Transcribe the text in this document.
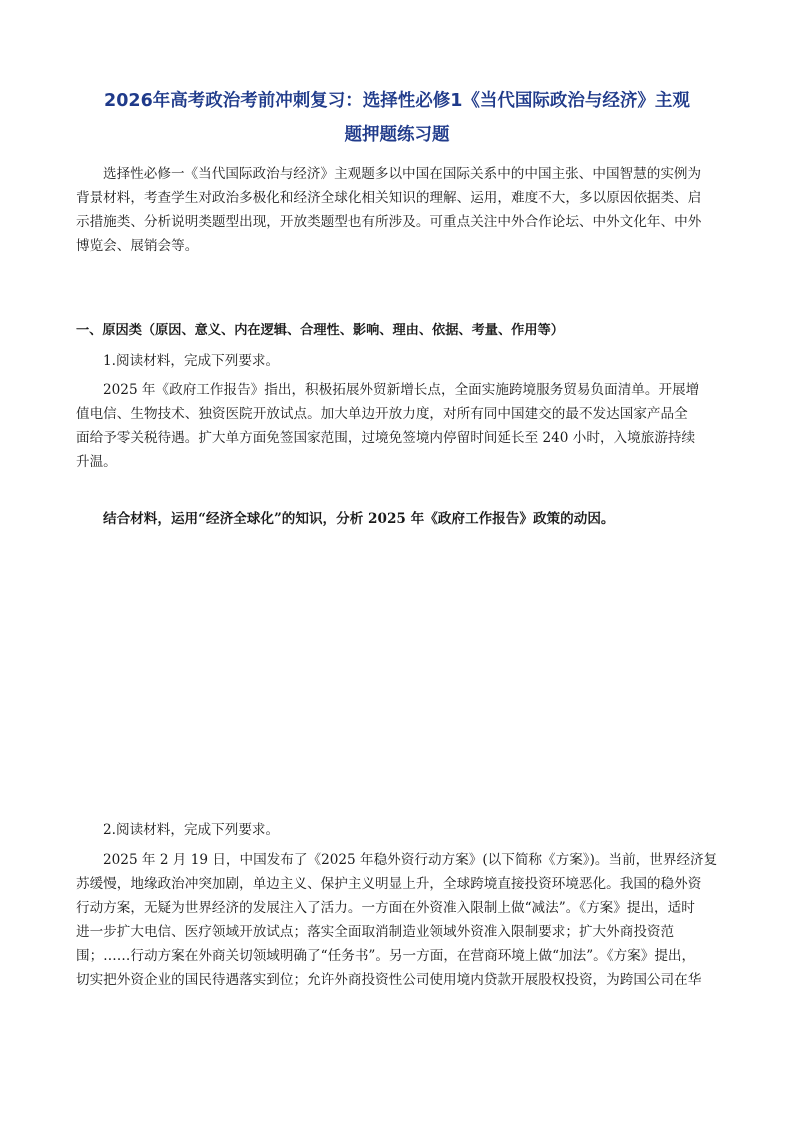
2026年高考政治考前冲刺复习：选择性必修1《当代国际政治与经济》主观
题押题练习题

选择性必修一《当代国际政治与经济》主观题多以中国在国际关系中的中国主张、中国智慧的实例为
背景材料，考查学生对政治多极化和经济全球化相关知识的理解、运用，难度不大，多以原因依据类、启
示措施类、分析说明类题型出现，开放类题型也有所涉及。可重点关注中外合作论坛、中外文化年、中外
博览会、展销会等。

一、原因类（原因、意义、内在逻辑、合理性、影响、理由、依据、考量、作用等）

1.阅读材料，完成下列要求。

2025 年《政府工作报告》指出，积极拓展外贸新增长点，全面实施跨境服务贸易负面清单。开展增
值电信、生物技术、独资医院开放试点。加大单边开放力度，对所有同中国建交的最不发达国家产品全
面给予零关税待遇。扩大单方面免签国家范围，过境免签境内停留时间延长至 240 小时，入境旅游持续
升温。

结合材料，运用“经济全球化”的知识，分析 2025 年《政府工作报告》政策的动因。

2.阅读材料，完成下列要求。

2025 年 2 月 19 日，中国发布了《2025 年稳外资行动方案》(以下简称《方案》)。当前，世界经济复
苏缓慢，地缘政治冲突加剧，单边主义、保护主义明显上升，全球跨境直接投资环境恶化。我国的稳外资
行动方案，无疑为世界经济的发展注入了活力。一方面在外资准入限制上做“减法”。《方案》提出，适时
进一步扩大电信、医疗领域开放试点；落实全面取消制造业领域外资准入限制要求；扩大外商投资范
围；……行动方案在外商关切领域明确了“任务书”。另一方面，在营商环境上做“加法”。《方案》提出，
切实把外资企业的国民待遇落实到位；允许外商投资性公司使用境内贷款开展股权投资，为跨国公司在华
